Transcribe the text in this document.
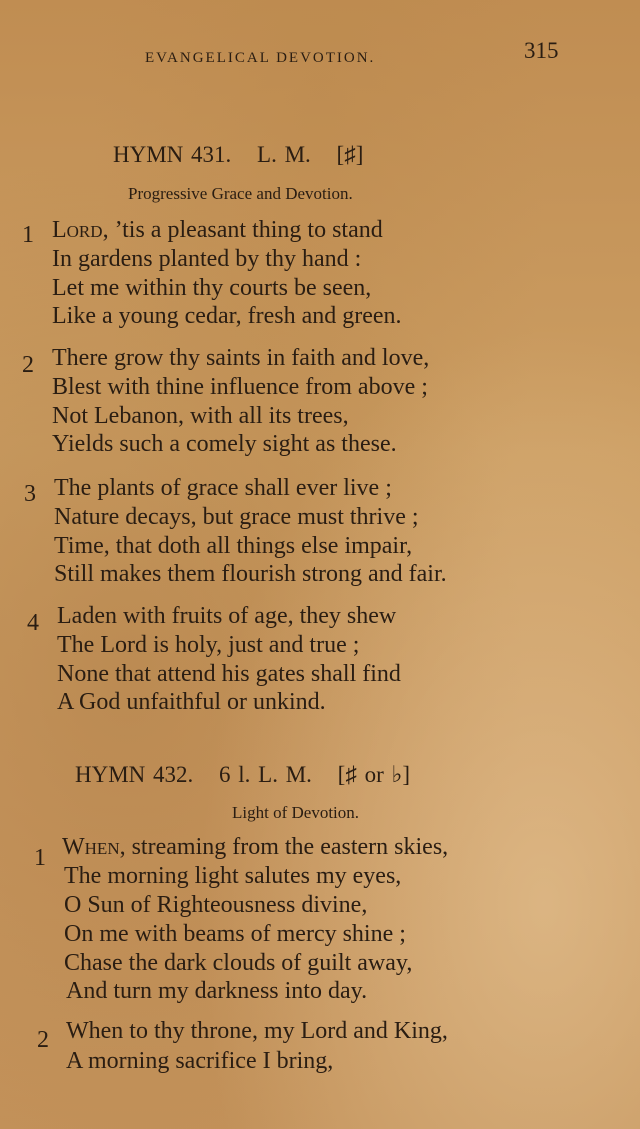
EVANGELICAL DEVOTION.	315
HYMN 431. L. M. [♯]
Progressive Grace and Devotion.
1 Lord, ’tis a pleasant thing to stand
In gardens planted by thy hand :
Let me within thy courts be seen,
Like a young cedar, fresh and green.
2 There grow thy saints in faith and love,
Blest with thine influence from above ;
Not Lebanon, with all its trees,
Yields such a comely sight as these.
3 The plants of grace shall ever live ;
Nature decays, but grace must thrive ;
Time, that doth all things else impair,
Still makes them flourish strong and fair.
4 Laden with fruits of age, they shew
The Lord is holy, just and true ;
None that attend his gates shall find
A God unfaithful or unkind.
HYMN 432. 6 l. L. M. [♯ or ♭]
Light of Devotion.
1 When, streaming from the eastern skies,
The morning light salutes my eyes,
O Sun of Righteousness divine,
On me with beams of mercy shine ;
Chase the dark clouds of guilt away,
And turn my darkness into day.
2 When to thy throne, my Lord and King,
A morning sacrifice I bring,
